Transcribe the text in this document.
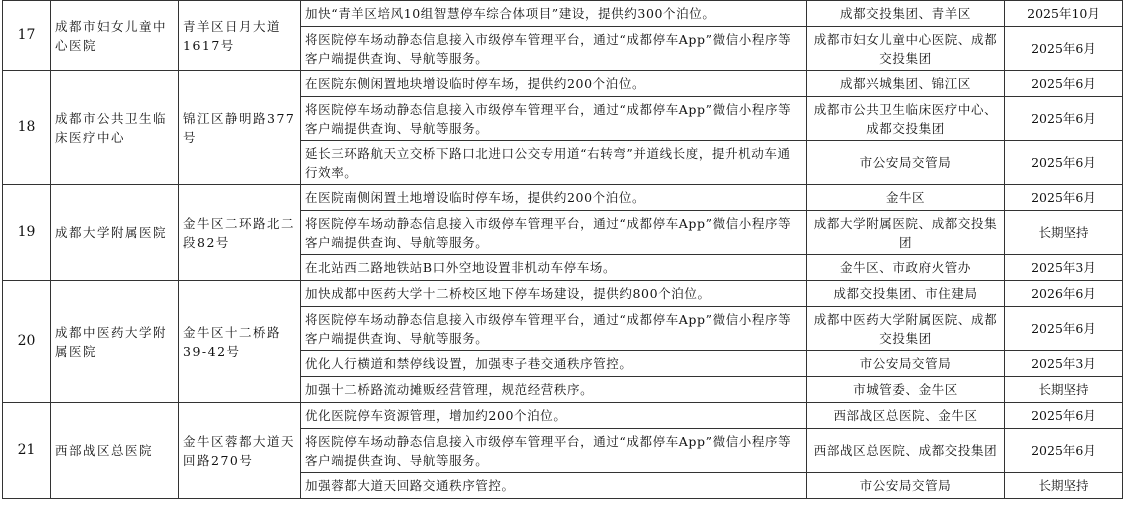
17	成都市妇女儿童中心医院	青羊区日月大道1617号	加快“青羊区培风10组智慧停车综合体项目”建设，提供约300个泊位。	成都交投集团、青羊区	2025年10月
			将医院停车场动静态信息接入市级停车管理平台，通过“成都停车App”微信小程序等客户端提供查询、导航等服务。	成都市妇女儿童中心医院、成都交投集团	2025年6月
18	成都市公共卫生临床医疗中心	锦江区静明路377号	在医院东侧闲置地块增设临时停车场，提供约200个泊位。	成都兴城集团、锦江区	2025年6月
			将医院停车场动静态信息接入市级停车管理平台，通过“成都停车App”微信小程序等客户端提供查询、导航等服务。	成都市公共卫生临床医疗中心、成都交投集团	2025年6月
			延长三环路航天立交桥下路口北进口公交专用道“右转弯”并道线长度，提升机动车通行效率。	市公安局交管局	2025年6月
19	成都大学附属医院	金牛区二环路北二段82号	在医院南侧闲置土地增设临时停车场，提供约200个泊位。	金牛区	2025年6月
			将医院停车场动静态信息接入市级停车管理平台，通过“成都停车App”微信小程序等客户端提供查询、导航等服务。	成都大学附属医院、成都交投集团	长期坚持
			在北站西二路地铁站B口外空地设置非机动车停车场。	金牛区、市政府火管办	2025年3月
20	成都中医药大学附属医院	金牛区十二桥路39-42号	加快成都中医药大学十二桥校区地下停车场建设，提供约800个泊位。	成都交投集团、市住建局	2026年6月
			将医院停车场动静态信息接入市级停车管理平台，通过“成都停车App”微信小程序等客户端提供查询、导航等服务。	成都中医药大学附属医院、成都交投集团	2025年6月
			优化人行横道和禁停线设置，加强枣子巷交通秩序管控。	市公安局交管局	2025年3月
			加强十二桥路流动摊贩经营管理，规范经营秩序。	市城管委、金牛区	长期坚持
21	西部战区总医院	金牛区蓉都大道天回路270号	优化医院停车资源管理，增加约200个泊位。	西部战区总医院、金牛区	2025年6月
			将医院停车场动静态信息接入市级停车管理平台，通过“成都停车App”微信小程序等客户端提供查询、导航等服务。	西部战区总医院、成都交投集团	2025年6月
			加强蓉都大道天回路交通秩序管控。	市公安局交管局	长期坚持
